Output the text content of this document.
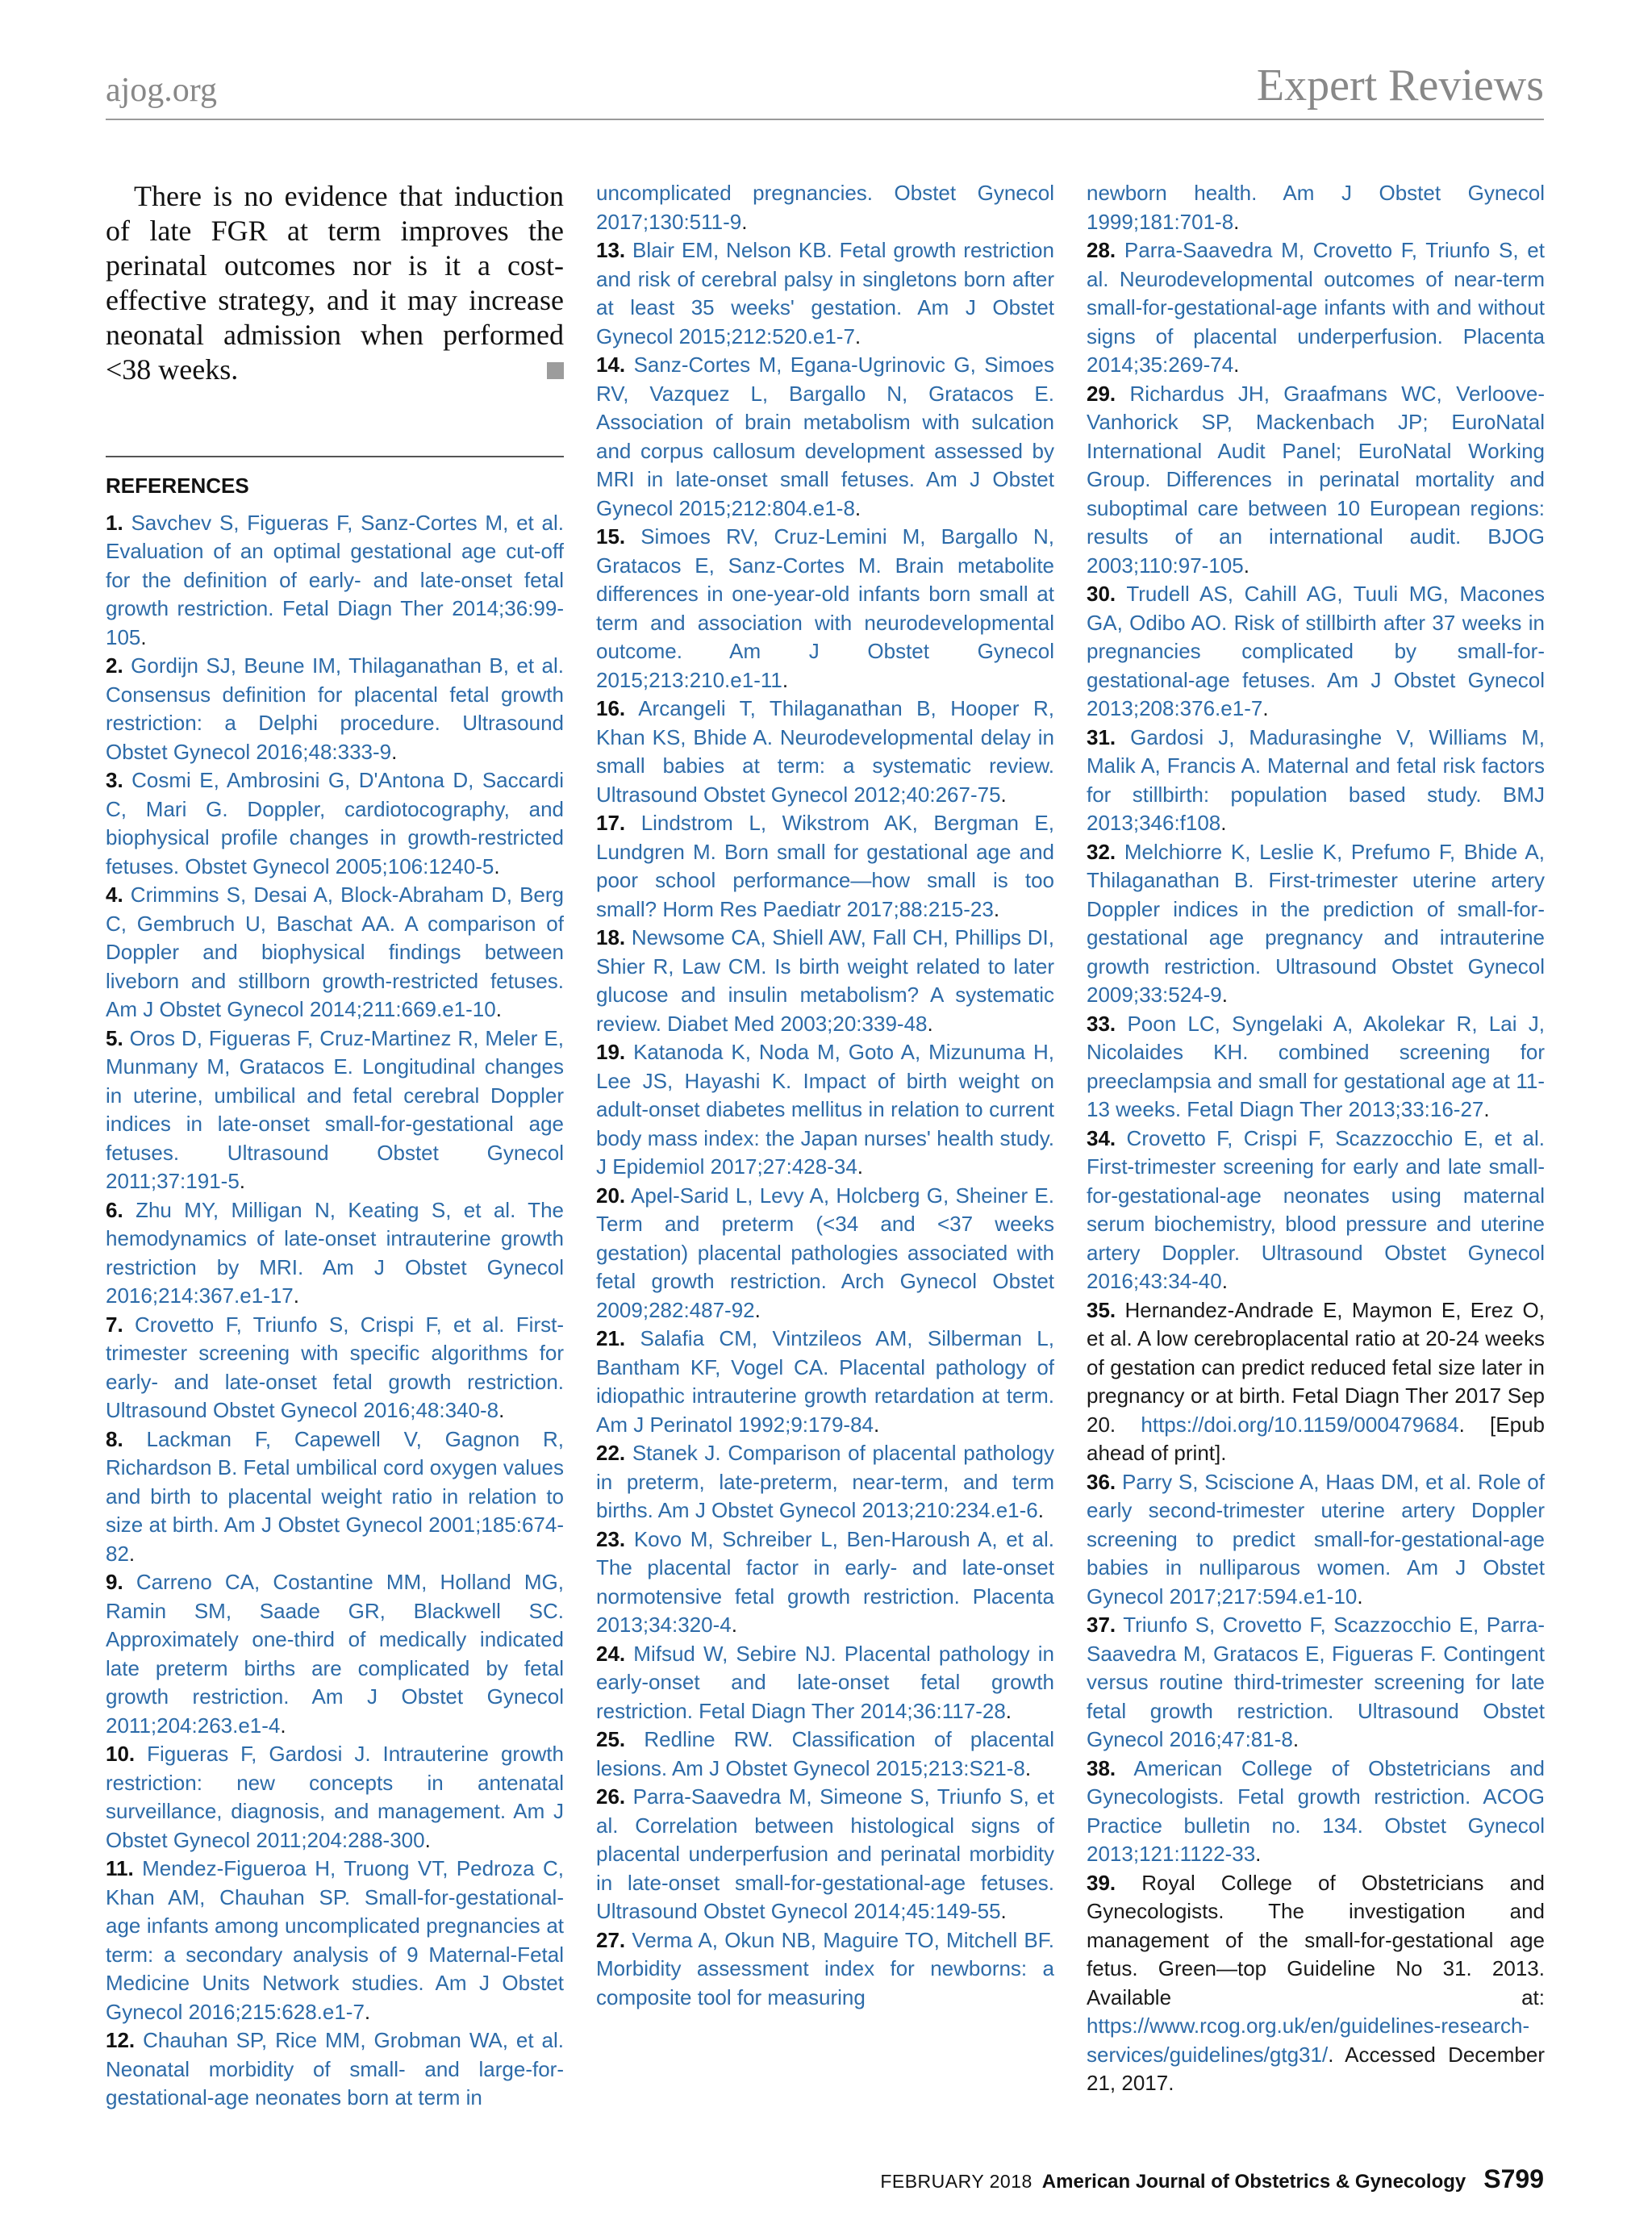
ajog.org	Expert Reviews

There is no evidence that induction of late FGR at term improves the perinatal outcomes nor is it a cost-effective strategy, and it may increase neonatal admission when performed <38 weeks.

REFERENCES

1. Savchev S, Figueras F, Sanz-Cortes M, et al. Evaluation of an optimal gestational age cut-off for the definition of early- and late-onset fetal growth restriction. Fetal Diagn Ther 2014;36:99-105.

2. Gordijn SJ, Beune IM, Thilaganathan B, et al. Consensus definition for placental fetal growth restriction: a Delphi procedure. Ultrasound Obstet Gynecol 2016;48:333-9.

3. Cosmi E, Ambrosini G, D'Antona D, Saccardi C, Mari G. Doppler, cardiotocography, and biophysical profile changes in growth-restricted fetuses. Obstet Gynecol 2005;106:1240-5.

4. Crimmins S, Desai A, Block-Abraham D, Berg C, Gembruch U, Baschat AA. A comparison of Doppler and biophysical findings between liveborn and stillborn growth-restricted fetuses. Am J Obstet Gynecol 2014;211:669.e1-10.

5. Oros D, Figueras F, Cruz-Martinez R, Meler E, Munmany M, Gratacos E. Longitudinal changes in uterine, umbilical and fetal cerebral Doppler indices in late-onset small-for-gestational age fetuses. Ultrasound Obstet Gynecol 2011;37:191-5.

6. Zhu MY, Milligan N, Keating S, et al. The hemodynamics of late-onset intrauterine growth restriction by MRI. Am J Obstet Gynecol 2016;214:367.e1-17.

7. Crovetto F, Triunfo S, Crispi F, et al. First-trimester screening with specific algorithms for early- and late-onset fetal growth restriction. Ultrasound Obstet Gynecol 2016;48:340-8.

8. Lackman F, Capewell V, Gagnon R, Richardson B. Fetal umbilical cord oxygen values and birth to placental weight ratio in relation to size at birth. Am J Obstet Gynecol 2001;185:674-82.

9. Carreno CA, Costantine MM, Holland MG, Ramin SM, Saade GR, Blackwell SC. Approximately one-third of medically indicated late preterm births are complicated by fetal growth restriction. Am J Obstet Gynecol 2011;204:263.e1-4.

10. Figueras F, Gardosi J. Intrauterine growth restriction: new concepts in antenatal surveillance, diagnosis, and management. Am J Obstet Gynecol 2011;204:288-300.

11. Mendez-Figueroa H, Truong VT, Pedroza C, Khan AM, Chauhan SP. Small-for-gestational-age infants among uncomplicated pregnancies at term: a secondary analysis of 9 Maternal-Fetal Medicine Units Network studies. Am J Obstet Gynecol 2016;215:628.e1-7.

12. Chauhan SP, Rice MM, Grobman WA, et al. Neonatal morbidity of small- and large-for-gestational-age neonates born at term in

uncomplicated pregnancies. Obstet Gynecol 2017;130:511-9.

13. Blair EM, Nelson KB. Fetal growth restriction and risk of cerebral palsy in singletons born after at least 35 weeks' gestation. Am J Obstet Gynecol 2015;212:520.e1-7.

14. Sanz-Cortes M, Egana-Ugrinovic G, Simoes RV, Vazquez L, Bargallo N, Gratacos E. Association of brain metabolism with sulcation and corpus callosum development assessed by MRI in late-onset small fetuses. Am J Obstet Gynecol 2015;212:804.e1-8.

15. Simoes RV, Cruz-Lemini M, Bargallo N, Gratacos E, Sanz-Cortes M. Brain metabolite differences in one-year-old infants born small at term and association with neurodevelopmental outcome. Am J Obstet Gynecol 2015;213:210.e1-11.

16. Arcangeli T, Thilaganathan B, Hooper R, Khan KS, Bhide A. Neurodevelopmental delay in small babies at term: a systematic review. Ultrasound Obstet Gynecol 2012;40:267-75.

17. Lindstrom L, Wikstrom AK, Bergman E, Lundgren M. Born small for gestational age and poor school performance—how small is too small? Horm Res Paediatr 2017;88:215-23.

18. Newsome CA, Shiell AW, Fall CH, Phillips DI, Shier R, Law CM. Is birth weight related to later glucose and insulin metabolism? A systematic review. Diabet Med 2003;20:339-48.

19. Katanoda K, Noda M, Goto A, Mizunuma H, Lee JS, Hayashi K. Impact of birth weight on adult-onset diabetes mellitus in relation to current body mass index: the Japan nurses' health study. J Epidemiol 2017;27:428-34.

20. Apel-Sarid L, Levy A, Holcberg G, Sheiner E. Term and preterm (<34 and <37 weeks gestation) placental pathologies associated with fetal growth restriction. Arch Gynecol Obstet 2009;282:487-92.

21. Salafia CM, Vintzileos AM, Silberman L, Bantham KF, Vogel CA. Placental pathology of idiopathic intrauterine growth retardation at term. Am J Perinatol 1992;9:179-84.

22. Stanek J. Comparison of placental pathology in preterm, late-preterm, near-term, and term births. Am J Obstet Gynecol 2013;210:234.e1-6.

23. Kovo M, Schreiber L, Ben-Haroush A, et al. The placental factor in early- and late-onset normotensive fetal growth restriction. Placenta 2013;34:320-4.

24. Mifsud W, Sebire NJ. Placental pathology in early-onset and late-onset fetal growth restriction. Fetal Diagn Ther 2014;36:117-28.

25. Redline RW. Classification of placental lesions. Am J Obstet Gynecol 2015;213:S21-8.

26. Parra-Saavedra M, Simeone S, Triunfo S, et al. Correlation between histological signs of placental underperfusion and perinatal morbidity in late-onset small-for-gestational-age fetuses. Ultrasound Obstet Gynecol 2014;45:149-55.

27. Verma A, Okun NB, Maguire TO, Mitchell BF. Morbidity assessment index for newborns: a composite tool for measuring

newborn health. Am J Obstet Gynecol 1999;181:701-8.

28. Parra-Saavedra M, Crovetto F, Triunfo S, et al. Neurodevelopmental outcomes of near-term small-for-gestational-age infants with and without signs of placental underperfusion. Placenta 2014;35:269-74.

29. Richardus JH, Graafmans WC, Verloove-Vanhorick SP, Mackenbach JP; EuroNatal International Audit Panel; EuroNatal Working Group. Differences in perinatal mortality and suboptimal care between 10 European regions: results of an international audit. BJOG 2003;110:97-105.

30. Trudell AS, Cahill AG, Tuuli MG, Macones GA, Odibo AO. Risk of stillbirth after 37 weeks in pregnancies complicated by small-for-gestational-age fetuses. Am J Obstet Gynecol 2013;208:376.e1-7.

31. Gardosi J, Madurasinghe V, Williams M, Malik A, Francis A. Maternal and fetal risk factors for stillbirth: population based study. BMJ 2013;346:f108.

32. Melchiorre K, Leslie K, Prefumo F, Bhide A, Thilaganathan B. First-trimester uterine artery Doppler indices in the prediction of small-for-gestational age pregnancy and intrauterine growth restriction. Ultrasound Obstet Gynecol 2009;33:524-9.

33. Poon LC, Syngelaki A, Akolekar R, Lai J, Nicolaides KH. combined screening for preeclampsia and small for gestational age at 11-13 weeks. Fetal Diagn Ther 2013;33:16-27.

34. Crovetto F, Crispi F, Scazzocchio E, et al. First-trimester screening for early and late small-for-gestational-age neonates using maternal serum biochemistry, blood pressure and uterine artery Doppler. Ultrasound Obstet Gynecol 2016;43:34-40.

35. Hernandez-Andrade E, Maymon E, Erez O, et al. A low cerebroplacental ratio at 20-24 weeks of gestation can predict reduced fetal size later in pregnancy or at birth. Fetal Diagn Ther 2017 Sep 20. https://doi.org/10.1159/000479684. [Epub ahead of print].

36. Parry S, Sciscione A, Haas DM, et al. Role of early second-trimester uterine artery Doppler screening to predict small-for-gestational-age babies in nulliparous women. Am J Obstet Gynecol 2017;217:594.e1-10.

37. Triunfo S, Crovetto F, Scazzocchio E, Parra-Saavedra M, Gratacos E, Figueras F. Contingent versus routine third-trimester screening for late fetal growth restriction. Ultrasound Obstet Gynecol 2016;47:81-8.

38. American College of Obstetricians and Gynecologists. Fetal growth restriction. ACOG Practice bulletin no. 134. Obstet Gynecol 2013;121:1122-33.

39. Royal College of Obstetricians and Gynecologists. The investigation and management of the small-for-gestational age fetus. Green—top Guideline No 31. 2013. Available at: https://www.rcog.org.uk/en/guidelines-research-services/guidelines/gtg31/. Accessed December 21, 2017.

FEBRUARY 2018 American Journal of Obstetrics & Gynecology S799
